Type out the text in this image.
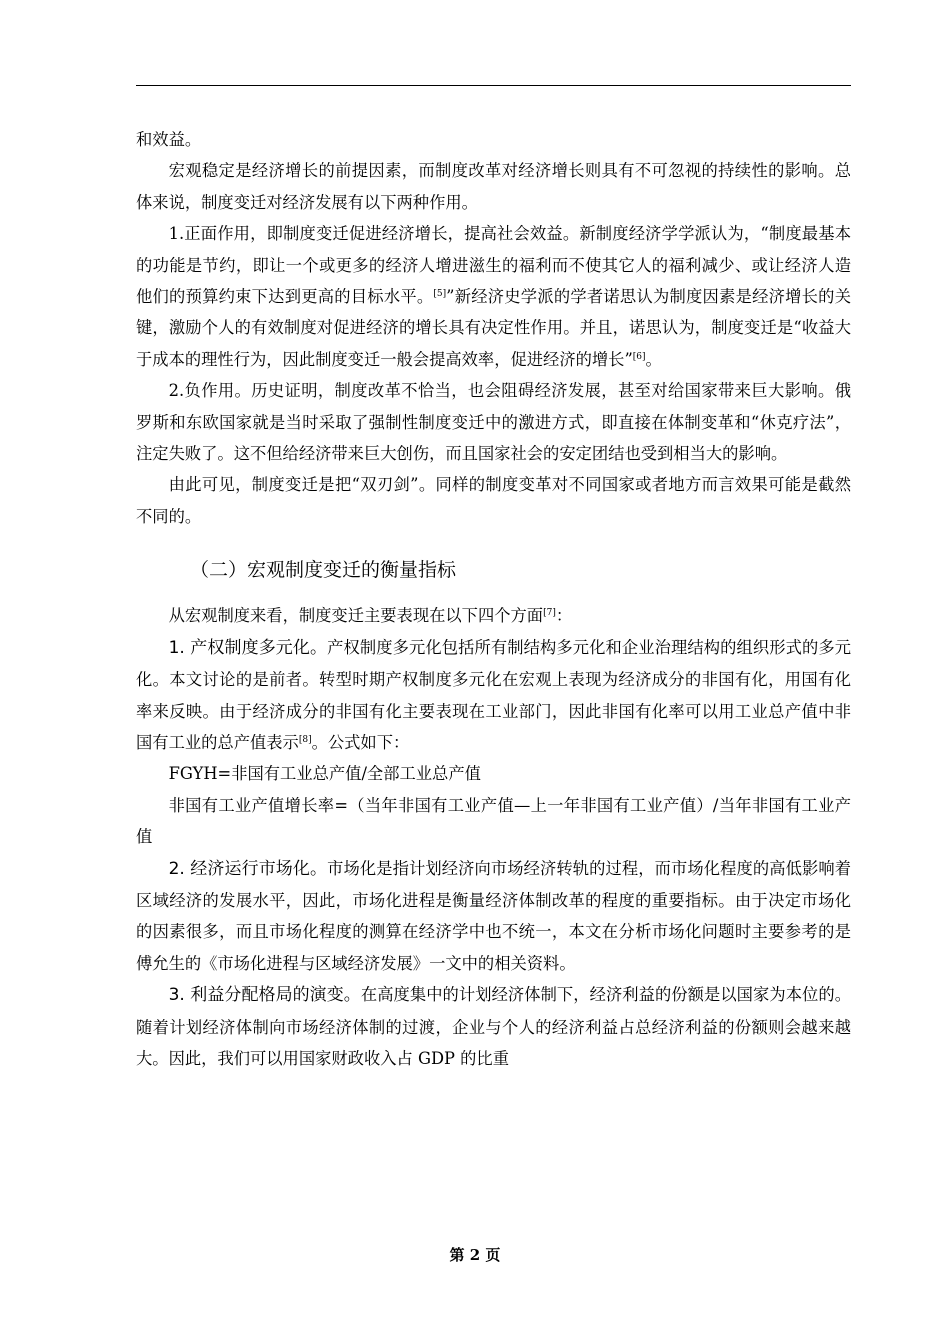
和效益。

宏观稳定是经济增长的前提因素，而制度改革对经济增长则具有不可忽视的持续性的影响。总体来说，制度变迁对经济发展有以下两种作用。

1.正面作用，即制度变迁促进经济增长，提高社会效益。新制度经济学学派认为，“制度最基本的功能是节约，即让一个或更多的经济人增进滋生的福利而不使其它人的福利减少、或让经济人造他们的预算约束下达到更高的目标水平。[5]”新经济史学派的学者诺思认为制度因素是经济增长的关键，激励个人的有效制度对促进经济的增长具有决定性作用。并且，诺思认为，制度变迁是“收益大于成本的理性行为，因此制度变迁一般会提高效率，促进经济的增长”[6]。

2.负作用。历史证明，制度改革不恰当，也会阻碍经济发展，甚至对给国家带来巨大影响。俄罗斯和东欧国家就是当时采取了强制性制度变迁中的激进方式，即直接在体制变革和“休克疗法”，注定失败了。这不但给经济带来巨大创伤，而且国家社会的安定团结也受到相当大的影响。

由此可见，制度变迁是把“双刃剑”。同样的制度变革对不同国家或者地方而言效果可能是截然不同的。

（二）宏观制度变迁的衡量指标

从宏观制度来看，制度变迁主要表现在以下四个方面[7]：

1. 产权制度多元化。产权制度多元化包括所有制结构多元化和企业治理结构的组织形式的多元化。本文讨论的是前者。转型时期产权制度多元化在宏观上表现为经济成分的非国有化，用国有化率来反映。由于经济成分的非国有化主要表现在工业部门，因此非国有化率可以用工业总产值中非国有工业的总产值表示[8]。公式如下：

FGYH=非国有工业总产值/全部工业总产值

非国有工业产值增长率=（当年非国有工业产值—上一年非国有工业产值）/当年非国有工业产值

2. 经济运行市场化。市场化是指计划经济向市场经济转轨的过程，而市场化程度的高低影响着区域经济的发展水平，因此，市场化进程是衡量经济体制改革的程度的重要指标。由于决定市场化的因素很多，而且市场化程度的测算在经济学中也不统一，本文在分析市场化问题时主要参考的是傅允生的《市场化进程与区域经济发展》一文中的相关资料。

3. 利益分配格局的演变。在高度集中的计划经济体制下，经济利益的份额是以国家为本位的。随着计划经济体制向市场经济体制的过渡，企业与个人的经济利益占总经济利益的份额则会越来越大。因此，我们可以用国家财政收入占 GDP 的比重

第 2 页
